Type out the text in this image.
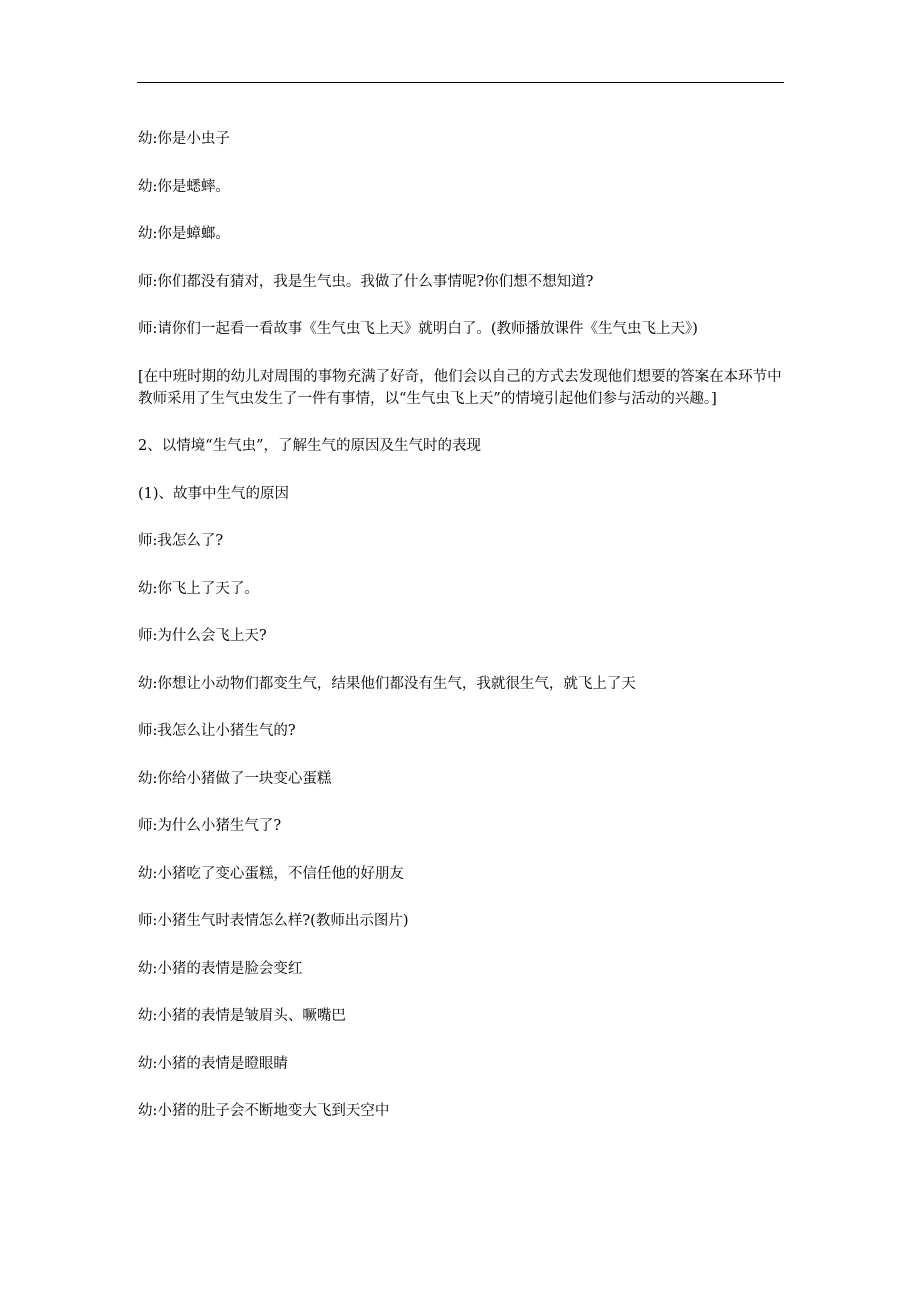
幼:你是小虫子

幼:你是蟋蟀。

幼:你是蟑螂。

师:你们都没有猜对，我是生气虫。我做了什么事情呢?你们想不想知道?

师:请你们一起看一看故事《生气虫飞上天》就明白了。(教师播放课件《生气虫飞上天》)

[在中班时期的幼儿对周围的事物充满了好奇，他们会以自己的方式去发现他们想要的答案在本环节中教师采用了生气虫发生了一件有事情，以“生气虫飞上天”的情境引起他们参与活动的兴趣。]

2、以情境“生气虫”，了解生气的原因及生气时的表现

(1)、故事中生气的原因

师:我怎么了?

幼:你飞上了天了。

师:为什么会飞上天?

幼:你想让小动物们都变生气，结果他们都没有生气，我就很生气，就飞上了天

师:我怎么让小猪生气的?

幼:你给小猪做了一块变心蛋糕

师:为什么小猪生气了?

幼:小猪吃了变心蛋糕，不信任他的好朋友

师:小猪生气时表情怎么样?(教师出示图片)

幼:小猪的表情是脸会变红

幼:小猪的表情是皱眉头、噘嘴巴

幼:小猪的表情是瞪眼睛

幼:小猪的肚子会不断地变大飞到天空中
